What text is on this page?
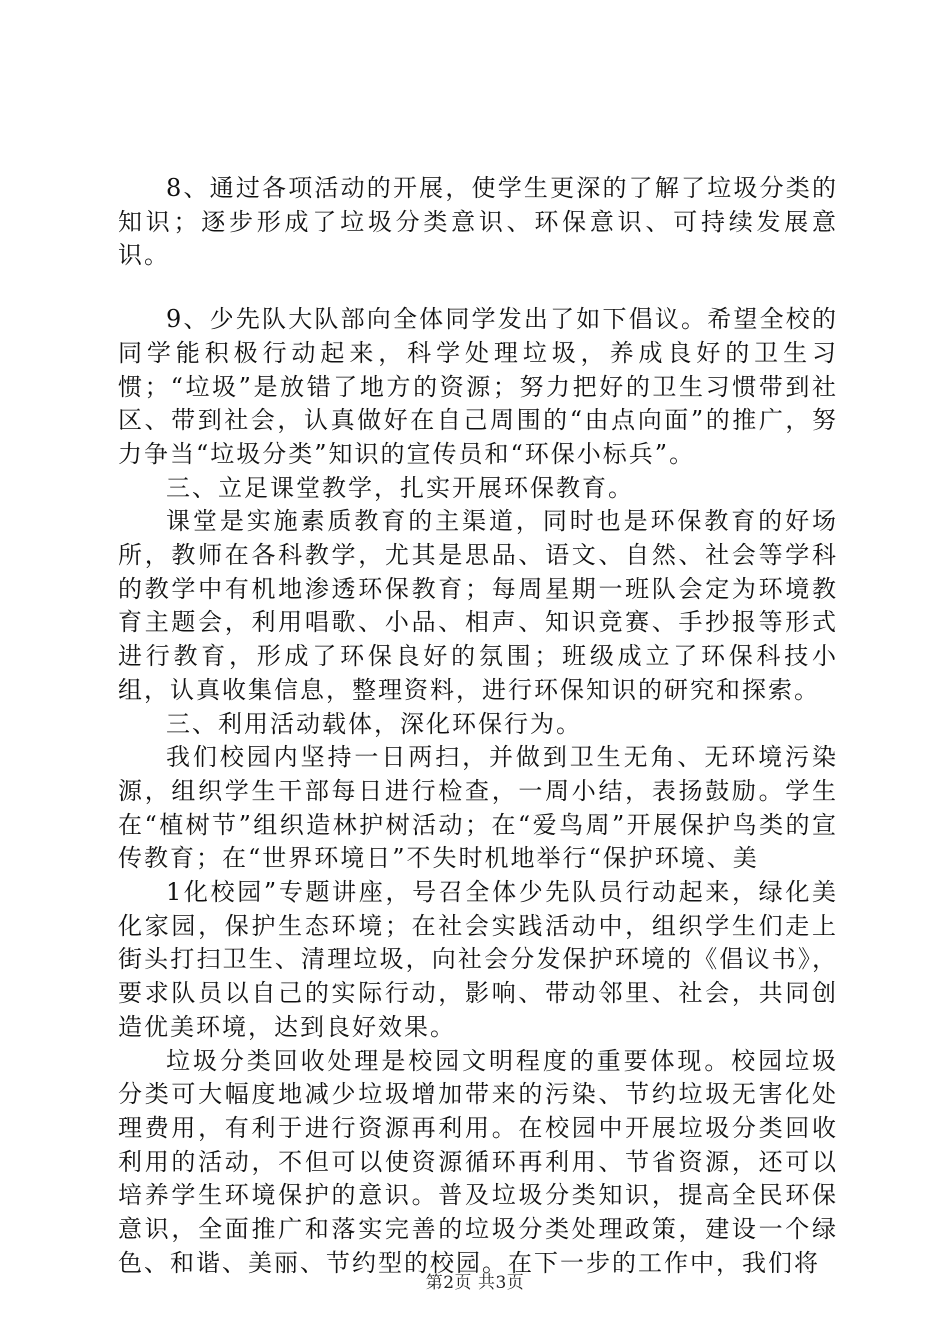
8、通过各项活动的开展，使学生更深的了解了垃圾分类的知识；逐步形成了垃圾分类意识、环保意识、可持续发展意识。

9、少先队大队部向全体同学发出了如下倡议。希望全校的同学能积极行动起来，科学处理垃圾，养成良好的卫生习惯；“垃圾”是放错了地方的资源；努力把好的卫生习惯带到社区、带到社会，认真做好在自己周围的“由点向面”的推广，努力争当“垃圾分类”知识的宣传员和“环保小标兵”。

三、立足课堂教学，扎实开展环保教育。

课堂是实施素质教育的主渠道，同时也是环保教育的好场所，教师在各科教学，尤其是思品、语文、自然、社会等学科的教学中有机地渗透环保教育；每周星期一班队会定为环境教育主题会，利用唱歌、小品、相声、知识竞赛、手抄报等形式进行教育，形成了环保良好的氛围；班级成立了环保科技小组，认真收集信息，整理资料，进行环保知识的研究和探索。

三、利用活动载体，深化环保行为。

我们校园内坚持一日两扫，并做到卫生无角、无环境污染源，组织学生干部每日进行检查，一周小结，表扬鼓励。学生在“植树节”组织造林护树活动；在“爱鸟周”开展保护鸟类的宣传教育；在“世界环境日”不失时机地举行“保护环境、美

1化校园”专题讲座，号召全体少先队员行动起来，绿化美化家园，保护生态环境；在社会实践活动中，组织学生们走上街头打扫卫生、清理垃圾，向社会分发保护环境的《倡议书》，要求队员以自己的实际行动，影响、带动邻里、社会，共同创造优美环境，达到良好效果。

垃圾分类回收处理是校园文明程度的重要体现。校园垃圾分类可大幅度地减少垃圾增加带来的污染、节约垃圾无害化处理费用，有利于进行资源再利用。在校园中开展垃圾分类回收利用的活动，不但可以使资源循环再利用、节省资源，还可以培养学生环境保护的意识。普及垃圾分类知识，提高全民环保意识，全面推广和落实完善的垃圾分类处理政策，建设一个绿色、和谐、美丽、节约型的校园。在下一步的工作中，我们将

第2页 共3页
